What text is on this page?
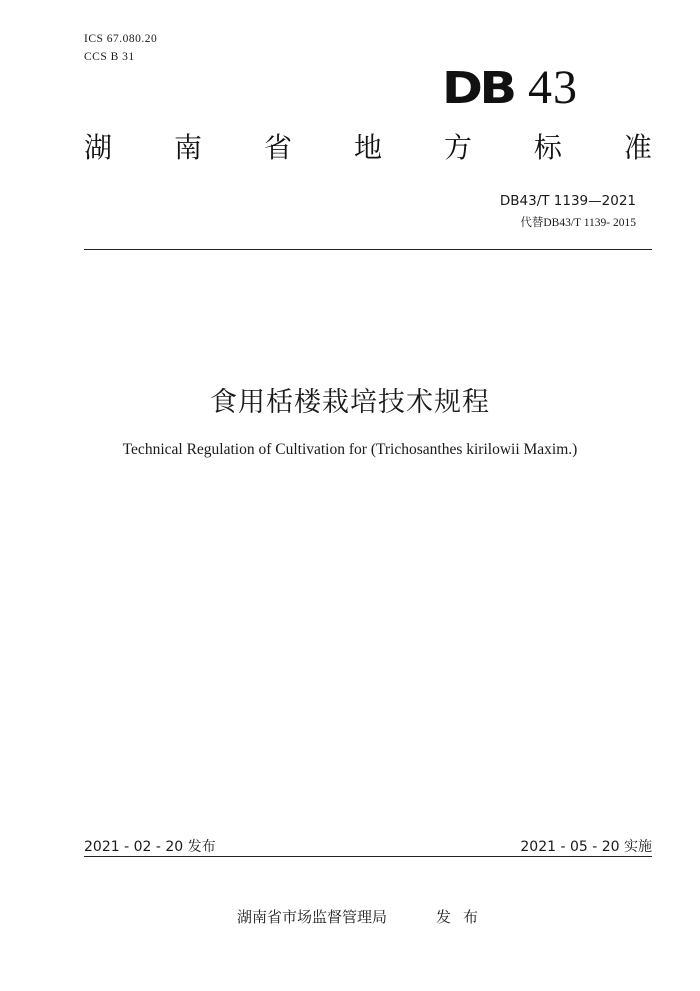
ICS 67.080.20
CCS B 31
DB 43
湖 南 省 地 方 标 准
DB43/T 1139—2021
代替DB43/T 1139- 2015
食用栝楼栽培技术规程
Technical Regulation of Cultivation for (Trichosanthes kirilowii Maxim.)
2021 - 02 - 20 发布	2021 - 05 - 20 实施
湖南省市场监督管理局	发布
